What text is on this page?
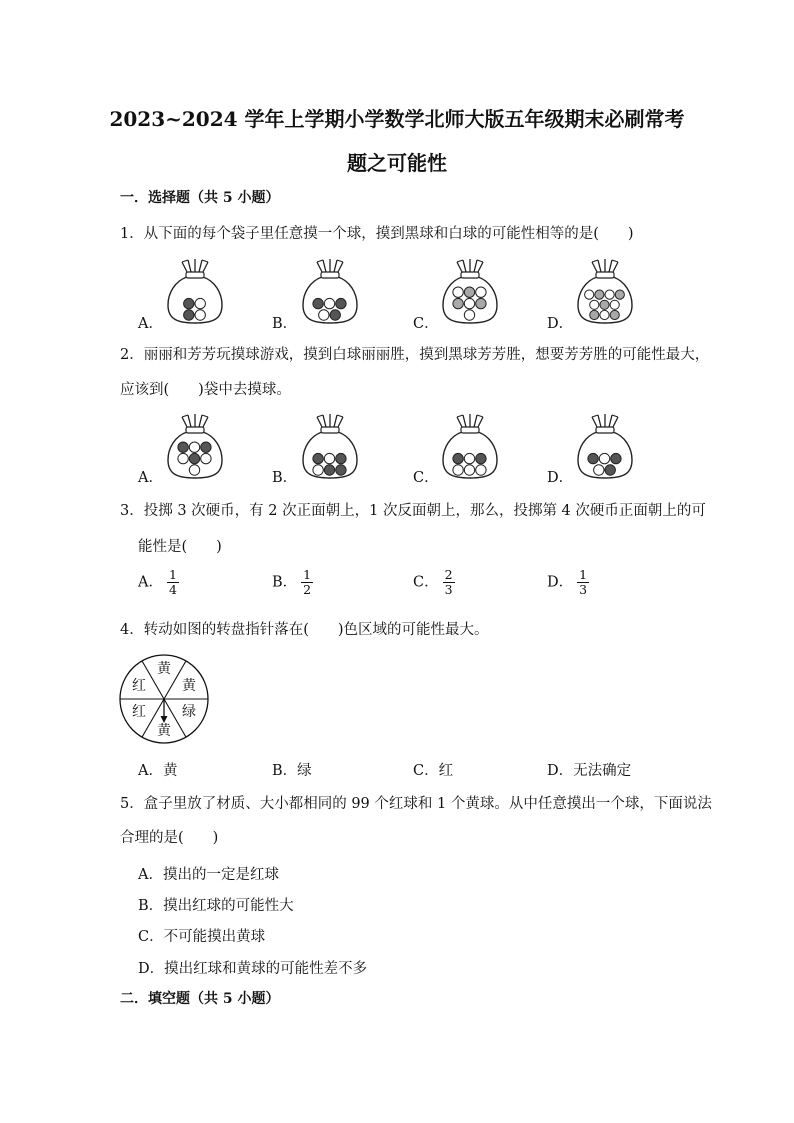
2023~2024 学年上学期小学数学北师大版五年级期末必刷常考
题之可能性
一．选择题（共 5 小题）
1．从下面的每个袋子里任意摸一个球，摸到黑球和白球的可能性相等的是(　　)
2．丽丽和芳芳玩摸球游戏，摸到白球丽丽胜，摸到黑球芳芳胜，想要芳芳胜的可能性最大，
应该到(　　)袋中去摸球。
3．投掷 3 次硬币，有 2 次正面朝上，1 次反面朝上，那么，投掷第 4 次硬币正面朝上的可
能性是(　　)
A． $\frac{1}{4}$	B． $\frac{1}{2}$	C． $\frac{2}{3}$	D． $\frac{1}{3}$
4．转动如图的转盘指针落在(　　)色区域的可能性最大。
黄
黄
绿
黄
红
红
A．黄	B．绿	C．红	D．无法确定
5．盒子里放了材质、大小都相同的 99 个红球和 1 个黄球。从中任意摸出一个球，下面说法
合理的是(　　)
A．摸出的一定是红球
B．摸出红球的可能性大
C．不可能摸出黄球
D．摸出红球和黄球的可能性差不多
二．填空题（共 5 小题）
A．	B．	C．	D．
A．	B．	C．	D．
